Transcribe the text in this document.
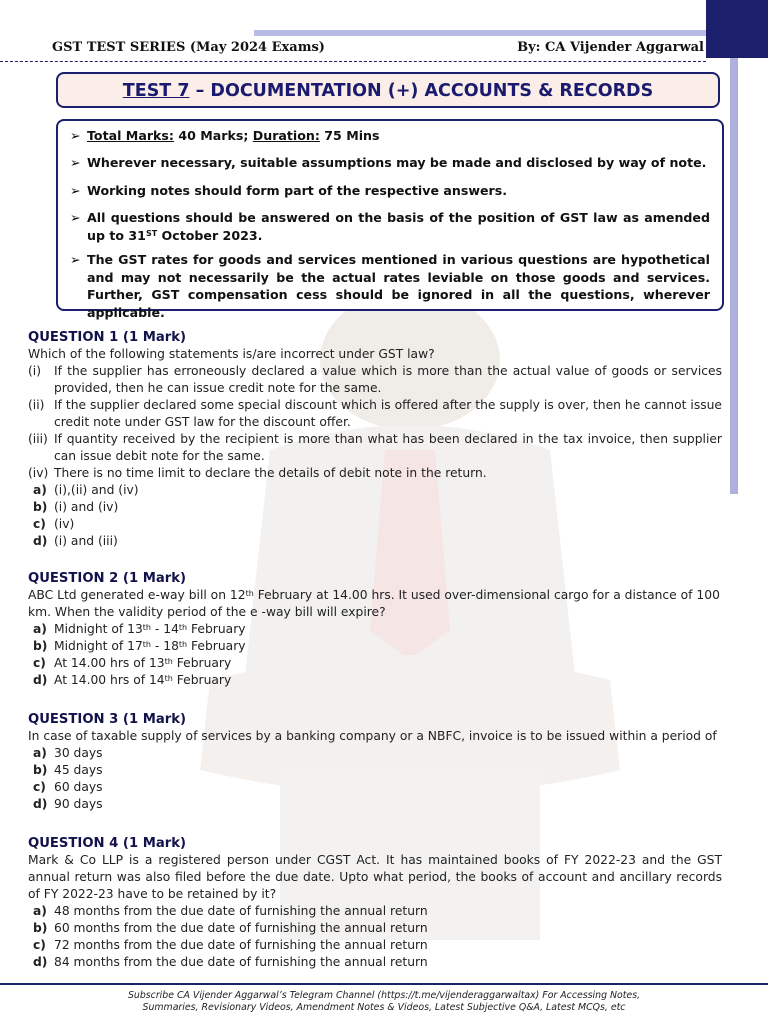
GST TEST SERIES (May 2024 Exams)	By: CA Vijender Aggarwal
TEST 7 – DOCUMENTATION (+) ACCOUNTS & RECORDS
➢ Total Marks: 40 Marks; Duration: 75 Mins
➢ Wherever necessary, suitable assumptions may be made and disclosed by way of note.
➢ Working notes should form part of the respective answers.
➢ All questions should be answered on the basis of the position of GST law as amended up to 31ST October 2023.
➢ The GST rates for goods and services mentioned in various questions are hypothetical and may not necessarily be the actual rates leviable on those goods and services. Further, GST compensation cess should be ignored in all the questions, wherever applicable.
QUESTION 1 (1 Mark)
Which of the following statements is/are incorrect under GST law?
(i) If the supplier has erroneously declared a value which is more than the actual value of goods or services provided, then he can issue credit note for the same.
(ii) If the supplier declared some special discount which is offered after the supply is over, then he cannot issue credit note under GST law for the discount offer.
(iii) If quantity received by the recipient is more than what has been declared in the tax invoice, then supplier can issue debit note for the same.
(iv) There is no time limit to declare the details of debit note in the return.
a) (i),(ii) and (iv)
b) (i) and (iv)
c) (iv)
d) (i) and (iii)
QUESTION 2 (1 Mark)
ABC Ltd generated e-way bill on 12th February at 14.00 hrs. It used over-dimensional cargo for a distance of 100 km. When the validity period of the e -way bill will expire?
a) Midnight of 13th - 14th February
b) Midnight of 17th - 18th February
c) At 14.00 hrs of 13th February
d) At 14.00 hrs of 14th February
QUESTION 3 (1 Mark)
In case of taxable supply of services by a banking company or a NBFC, invoice is to be issued within a period of
a) 30 days
b) 45 days
c) 60 days
d) 90 days
QUESTION 4 (1 Mark)
Mark & Co LLP is a registered person under CGST Act. It has maintained books of FY 2022-23 and the GST annual return was also filed before the due date. Upto what period, the books of account and ancillary records of FY 2022-23 have to be retained by it?
a) 48 months from the due date of furnishing the annual return
b) 60 months from the due date of furnishing the annual return
c) 72 months from the due date of furnishing the annual return
d) 84 months from the due date of furnishing the annual return
Subscribe CA Vijender Aggarwal’s Telegram Channel (https://t.me/vijenderaggarwaltax) For Accessing Notes,
Summaries, Revisionary Videos, Amendment Notes & Videos, Latest Subjective Q&A, Latest MCQs, etc
